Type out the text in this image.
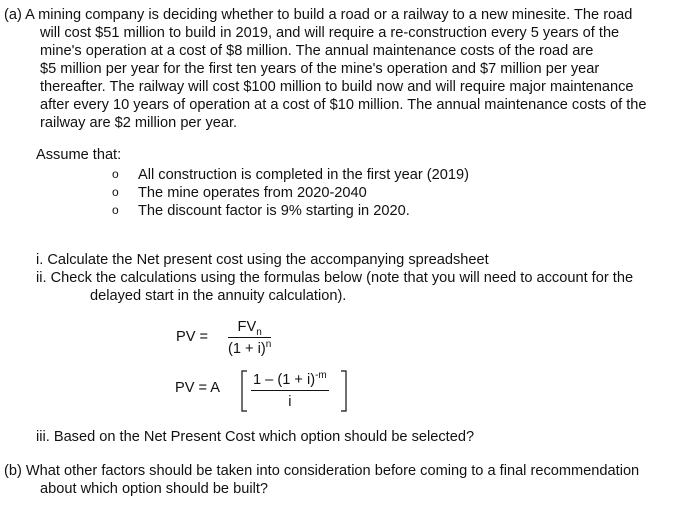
(a) A mining company is deciding whether to build a road or a railway to a new minesite. The road
will cost $51 million to build in 2019, and will require a re-construction every 5 years of the
mine's operation at a cost of $8 million. The annual maintenance costs of the road are
$5 million per year for the first ten years of the mine's operation and $7 million per year
thereafter. The railway will cost $100 million to build now and will require major maintenance
after every 10 years of operation at a cost of $10 million. The annual maintenance costs of the
railway are $2 million per year.
Assume that:
o All construction is completed in the first year (2019)
o The mine operates from 2020-2040
o The discount factor is 9% starting in 2020.
i. Calculate the Net present cost using the accompanying spreadsheet
ii. Check the calculations using the formulas below (note that you will need to account for the
delayed start in the annuity calculation).
PV =
$FV_n$
$(1 + i)^n$
PV = A $\frac{1 - (1 + i)^{-m}}{i}$
iii. Based on the Net Present Cost which option should be selected?
(b) What other factors should be taken into consideration before coming to a final recommendation
about which option should be built?
